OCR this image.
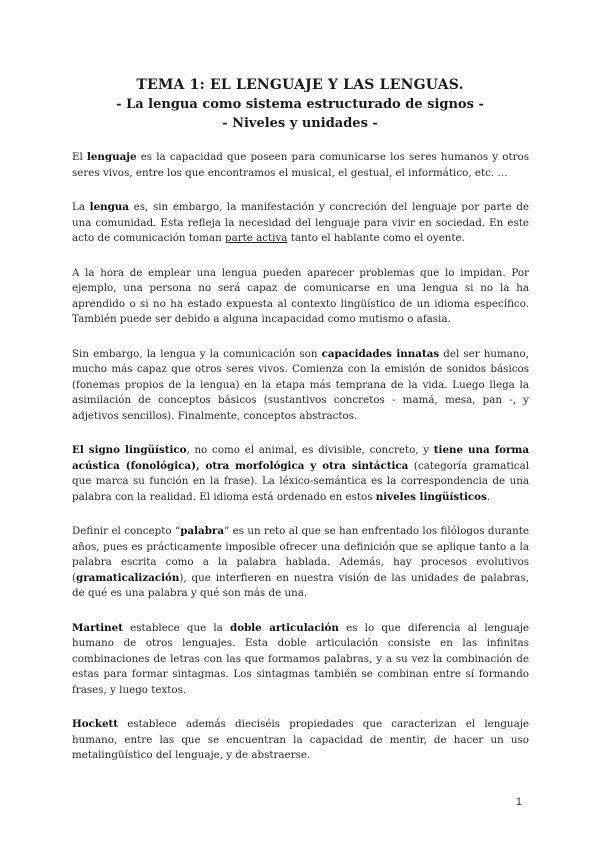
TEMA 1: EL LENGUAJE Y LAS LENGUAS.
- La lengua como sistema estructurado de signos -
- Niveles y unidades -

El lenguaje es la capacidad que poseen para comunicarse los seres humanos y otros seres vivos, entre los que encontramos el musical, el gestual, el informático, etc. …

La lengua es, sin embargo, la manifestación y concreción del lenguaje por parte de una comunidad. Esta refleja la necesidad del lenguaje para vivir en sociedad. En este acto de comunicación toman parte activa tanto el hablante como el oyente.

A la hora de emplear una lengua pueden aparecer problemas que lo impidan. Por ejemplo, una persona no será capaz de comunicarse en una lengua si no la ha aprendido o si no ha estado expuesta al contexto lingüístico de un idioma específico. También puede ser debido a alguna incapacidad como mutismo o afasia.

Sin embargo, la lengua y la comunicación son capacidades innatas del ser humano, mucho más capaz que otros seres vivos. Comienza con la emisión de sonidos básicos (fonemas propios de la lengua) en la etapa más temprana de la vida. Luego llega la asimilación de conceptos básicos (sustantivos concretos - mamá, mesa, pan -, y adjetivos sencillos). Finalmente, conceptos abstractos.

El signo lingüístico, no como el animal, es divisible, concreto, y tiene una forma acústica (fonológica), otra morfológica y otra sintáctica (categoría gramatical que marca su función en la frase). La léxico-semántica es la correspondencia de una palabra con la realidad. El idioma está ordenado en estos niveles lingüísticos.

Definir el concepto “palabra” es un reto al que se han enfrentado los filólogos durante años, pues es prácticamente imposible ofrecer una definición que se aplique tanto a la palabra escrita como a la palabra hablada. Además, hay procesos evolutivos (gramaticalización), que interfieren en nuestra visión de las unidades de palabras, de qué es una palabra y qué son más de una.

Martinet establece que la doble articulación es lo que diferencia al lenguaje humano de otros lenguajes. Esta doble articulación consiste en las infinitas combinaciones de letras con las que formamos palabras, y a su vez la combinación de estas para formar sintagmas. Los sintagmas también se combinan entre sí formando frases, y luego textos.

Hockett establece además dieciséis propiedades que caracterizan el lenguaje humano, entre las que se encuentran la capacidad de mentir, de hacer un uso metalingüístico del lenguaje, y de abstraerse.

1
